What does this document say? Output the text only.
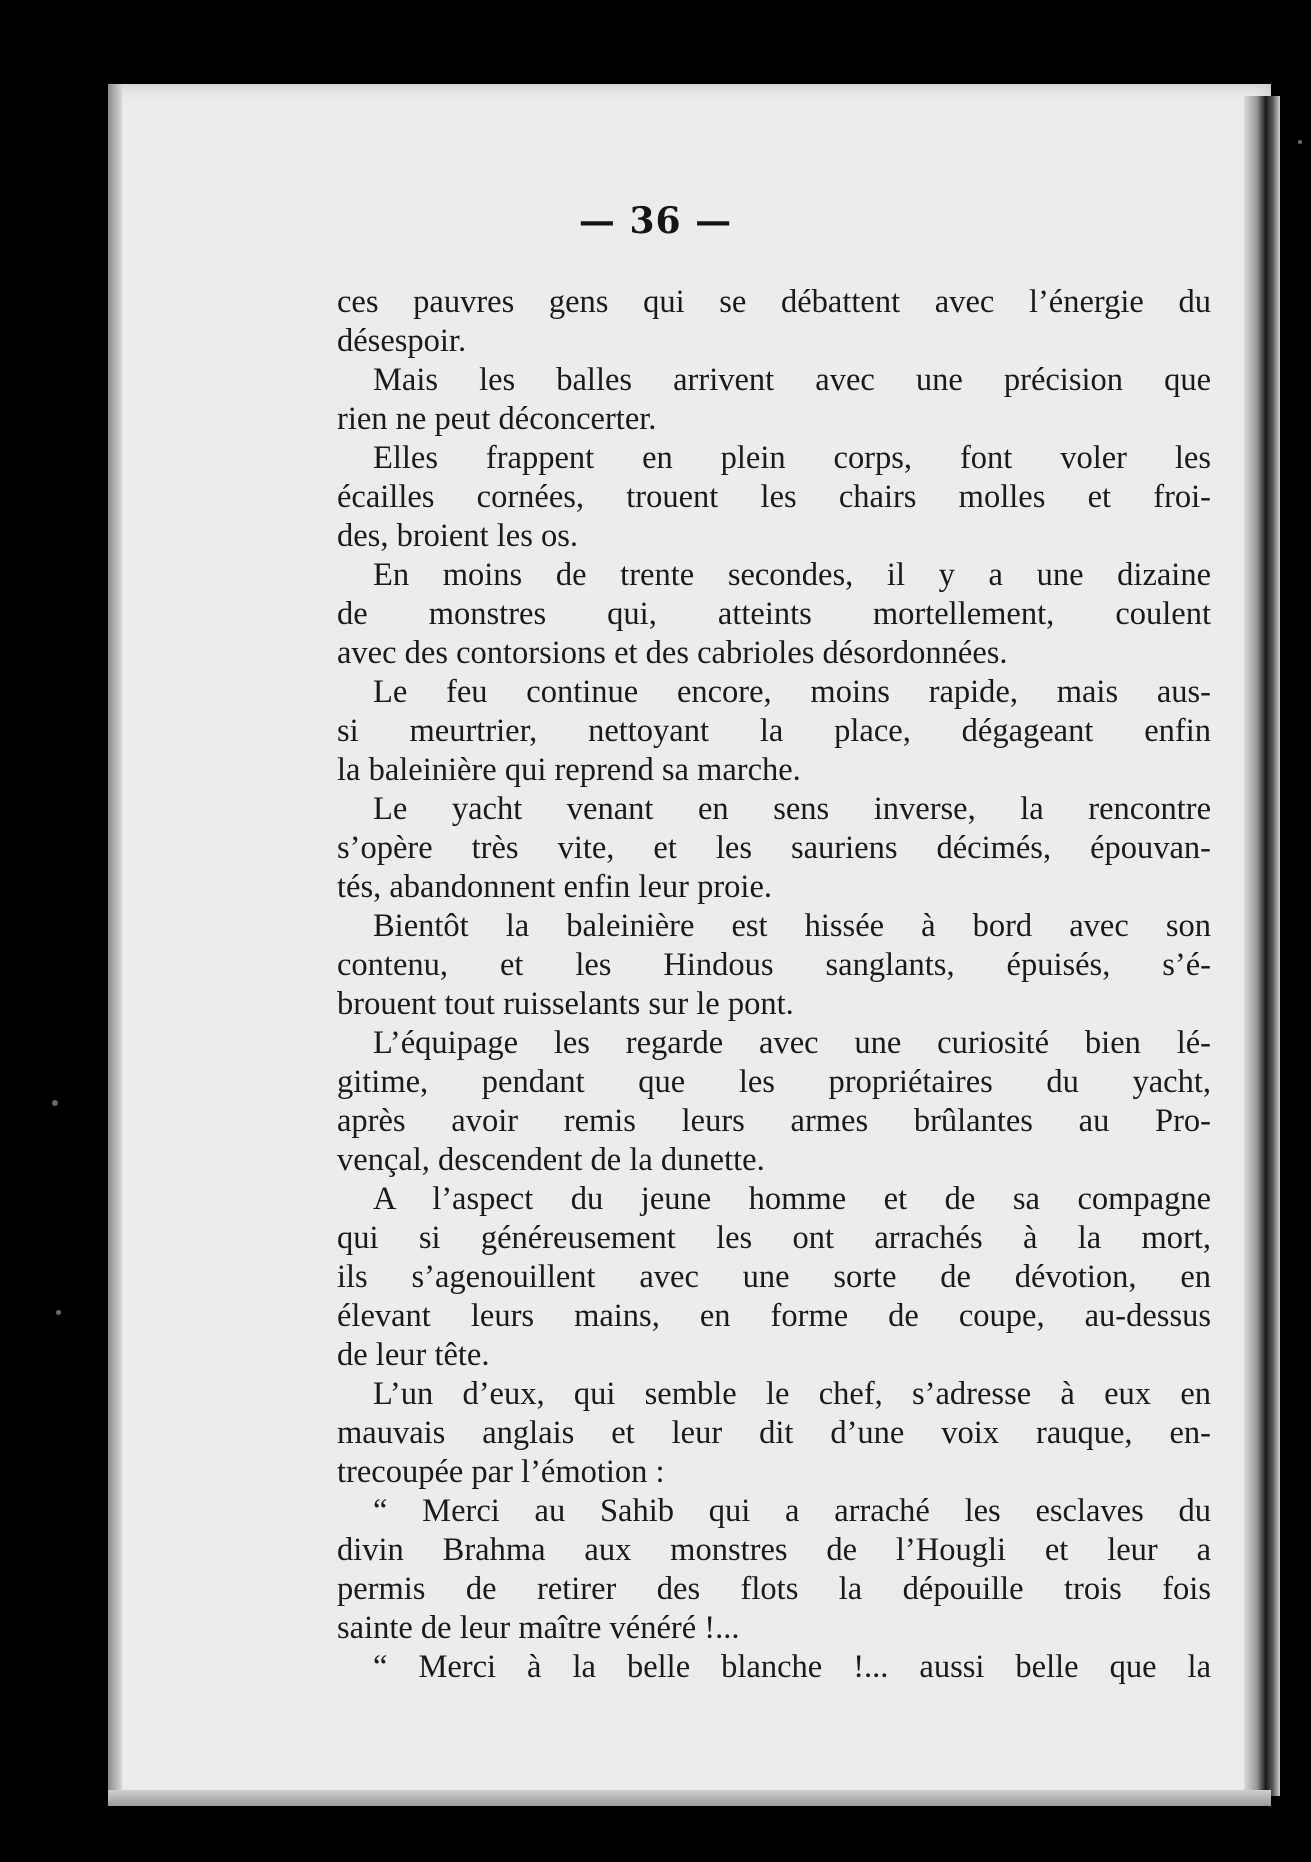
— 36 —
ces pauvres gens qui se débattent avec l’énergie du
désespoir.
Mais les balles arrivent avec une précision que
rien ne peut déconcerter.
Elles frappent en plein corps, font voler les
écailles cornées, trouent les chairs molles et froi-
des, broient les os.
En moins de trente secondes, il y a une dizaine
de monstres qui, atteints mortellement, coulent
avec des contorsions et des cabrioles désordonnées.
Le feu continue encore, moins rapide, mais aus-
si meurtrier, nettoyant la place, dégageant enfin
la baleinière qui reprend sa marche.
Le yacht venant en sens inverse, la rencontre
s’opère très vite, et les sauriens décimés, épouvan-
tés, abandonnent enfin leur proie.
Bientôt la baleinière est hissée à bord avec son
contenu, et les Hindous sanglants, épuisés, s’é-
brouent tout ruisselants sur le pont.
L’équipage les regarde avec une curiosité bien lé-
gitime, pendant que les propriétaires du yacht,
après avoir remis leurs armes brûlantes au Pro-
vençal, descendent de la dunette.
A l’aspect du jeune homme et de sa compagne
qui si généreusement les ont arrachés à la mort,
ils s’agenouillent avec une sorte de dévotion, en
élevant leurs mains, en forme de coupe, au-dessus
de leur tête.
L’un d’eux, qui semble le chef, s’adresse à eux en
mauvais anglais et leur dit d’une voix rauque, en-
trecoupée par l’émotion :
“ Merci au Sahib qui a arraché les esclaves du
divin Brahma aux monstres de l’Hougli et leur a
permis de retirer des flots la dépouille trois fois
sainte de leur maître vénéré !...
“ Merci à la belle blanche !... aussi belle que la
